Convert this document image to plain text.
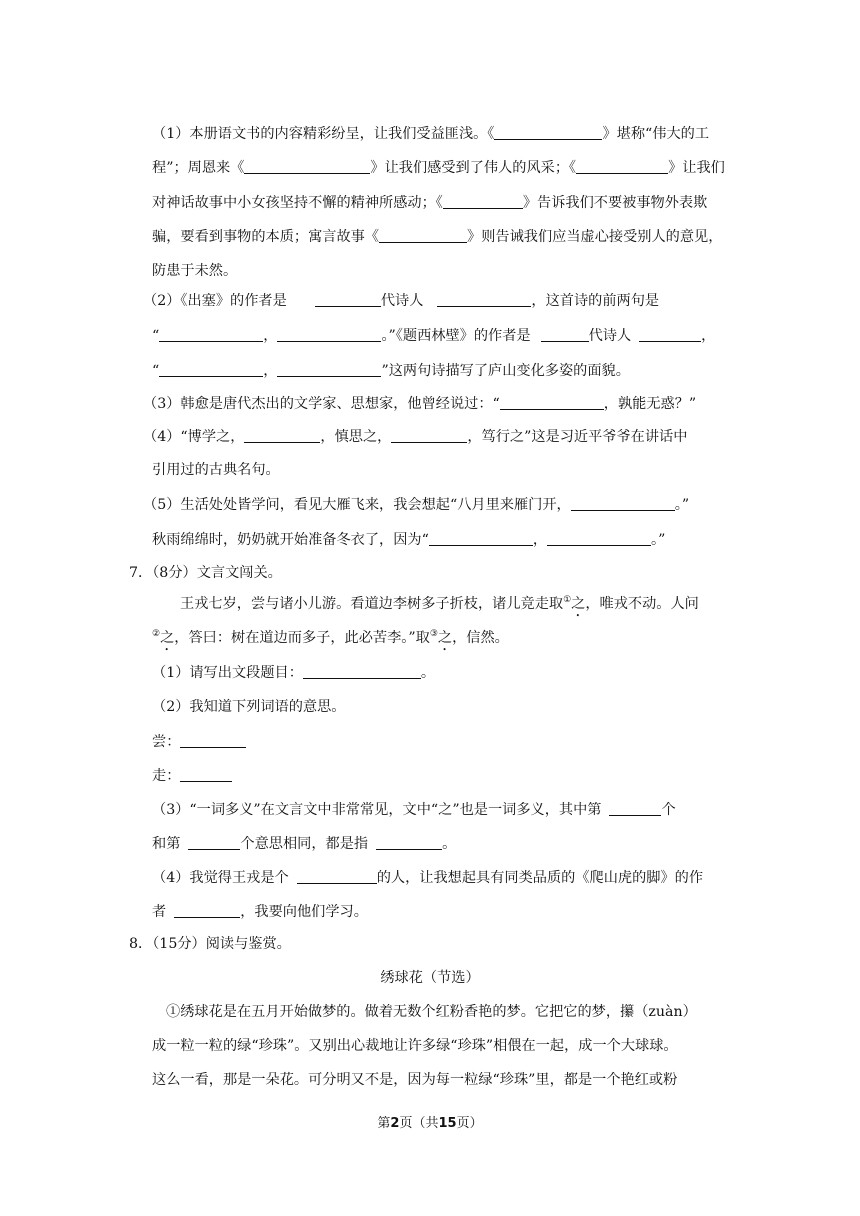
（1）本册语文书的内容精彩纷呈，让我们受益匪浅。《	》堪称“伟大的工
程”；周恩来《	》让我们感受到了伟人的风采；《	》让我们
对神话故事中小女孩坚持不懈的精神所感动；《	》告诉我们不要被事物外表欺
骗，要看到事物的本质；寓言故事《	》则告诫我们应当虚心接受别人的意见，
防患于未然。
（2）《出塞》的作者是	代诗人	，这首诗的前两句是
“	，	。”《题西林壁》的作者是	代诗人	，
“	，	”这两句诗描写了庐山变化多姿的面貌。
（3）韩愈是唐代杰出的文学家、思想家，他曾经说过：“	，孰能无惑？”
（4）“博学之，	，慎思之，	，笃行之”这是习近平爷爷在讲话中
引用过的古典名句。
（5）生活处处皆学问，看见大雁飞来，我会想起“八月里来雁门开，	。”
秋雨绵绵时，奶奶就开始准备冬衣了，因为“	，	。”
7．（8分）文言文闯关。
王戎七岁，尝与诸小儿游。看道边李树多子折枝，诸儿竞走取①之，唯戎不动。人问
②之，答曰：树在道边而多子，此必苦李。”取③之，信然。
（1）请写出文段题目：	。
（2）我知道下列词语的意思。
尝：
走：
（3）“一词多义”在文言文中非常常见，文中“之”也是一词多义，其中第	个
和第	个意思相同，都是指	。
（4）我觉得王戎是个	的人，让我想起具有同类品质的《爬山虎的脚》的作
者	，我要向他们学习。
8．（15分）阅读与鉴赏。
绣球花（节选）
①绣球花是在五月开始做梦的。做着无数个红粉香艳的梦。它把它的梦，攥（zuàn）
成一粒一粒的绿“珍珠”。又别出心裁地让许多绿“珍珠”相偎在一起，成一个大球球。
这么一看，那是一朵花。可分明又不是，因为每一粒绿“珍珠”里，都是一个艳红或粉
第2页（共15页）
